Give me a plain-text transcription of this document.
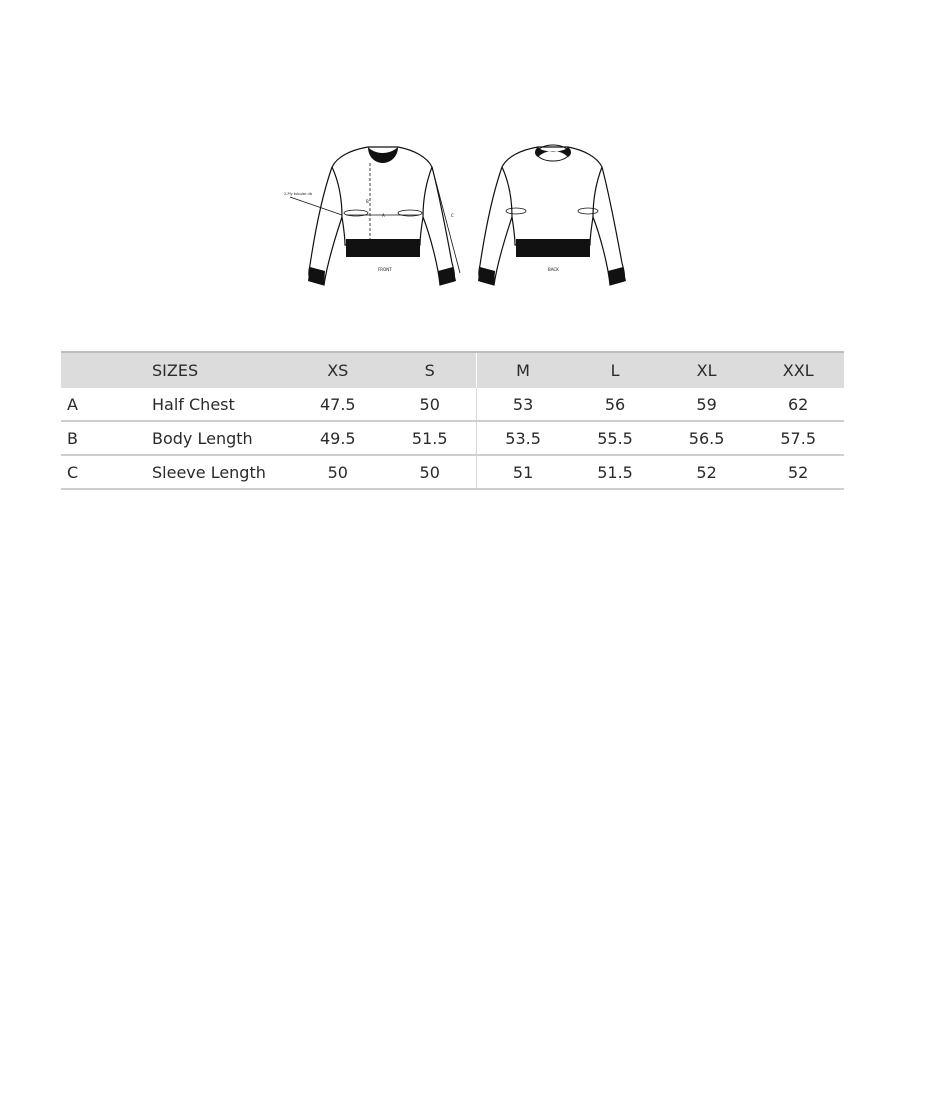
FRONT	BACK
2-Ply tubular rib
A
B
C
	SIZES	XS	S	M	L	XL	XXL
A	Half Chest	47.5	50	53	56	59	62
B	Body Length	49.5	51.5	53.5	55.5	56.5	57.5
C	Sleeve Length	50	50	51	51.5	52	52
